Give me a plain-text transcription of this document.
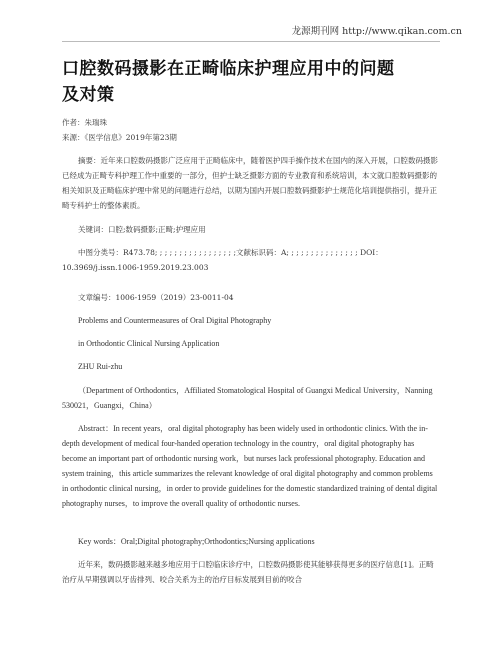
龙源期刊网 http://www.qikan.com.cn
口腔数码摄影在正畸临床护理应用中的问题
及对策
作者：朱瑞珠
来源：《医学信息》2019年第23期

摘要：近年来口腔数码摄影广泛应用于正畸临床中，随着医护四手操作技术在国内的深入开展，口腔数码摄影已经成为正畸专科护理工作中重要的一部分，但护士缺乏摄影方面的专业教育和系统培训，本文就口腔数码摄影的相关知识及正畸临床护理中常见的问题进行总结，以期为国内开展口腔数码摄影护士规范化培训提供指引，提升正畸专科护士的整体素质。

关键词：口腔;数码摄影;正畸;护理应用

中图分类号：R473.78; ; ; ; ; ; ; ; ; ; ; ; ; ; ; ; ;文献标识码：A; ; ; ; ; ; ; ; ; ; ; ; ; ; ; DOI：10.3969/j.issn.1006-1959.2019.23.003

文章编号：1006-1959（2019）23-0011-04

Problems and Countermeasures of Oral Digital Photography

in Orthodontic Clinical Nursing Application

ZHU Rui-zhu

（Department of Orthodontics，Affiliated Stomatological Hospital of Guangxi Medical University，Nanning 530021，Guangxi，China）

Abstract：In recent years，oral digital photography has been widely used in orthodontic clinics. With the in-depth development of medical four-handed operation technology in the country，oral digital photography has become an important part of orthodontic nursing work，but nurses lack professional photography. Education and system training，this article summarizes the relevant knowledge of oral digital photography and common problems in orthodontic clinical nursing，in order to provide guidelines for the domestic standardized training of dental digital photography nurses，to improve the overall quality of orthodontic nurses.

Key words：Oral;Digital photography;Orthodontics;Nursing applications

近年来，数码摄影越来越多地应用于口腔临床诊疗中，口腔数码摄影使其能够获得更多的医疗信息[1]。正畸治疗从早期强调以牙齿排列、咬合关系为主的治疗目标发展到目前的咬合
